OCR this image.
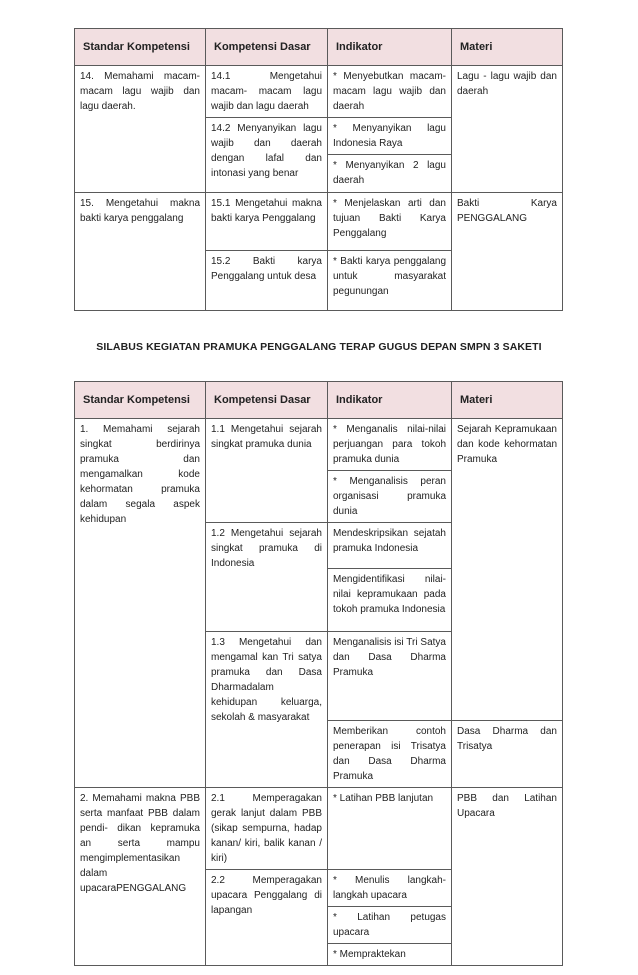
Standar Kompetensi	Kompetensi Dasar	Indikator	Materi
14. Memahami macam-macam lagu wajib dan lagu daerah.	14.1 Mengetahui macam- macam lagu wajib dan lagu daerah	* Menyebutkan macam- macam lagu wajib dan daerah	Lagu - lagu wajib dan daerah
	14.2 Menyanyikan lagu wajib dan daerah dengan lafal dan intonasi yang benar	* Menyanyikan lagu Indonesia Raya	
		* Menyanyikan 2 lagu daerah	
15. Mengetahui makna bakti karya penggalang	15.1 Mengetahui makna bakti karya Penggalang	* Menjelaskan arti dan tujuan Bakti Karya Penggalang	Bakti Karya PENGGALANG
	15.2 Bakti karya Penggalang untuk desa	* Bakti karya penggalang untuk masyarakat pegunungan	
SILABUS KEGIATAN PRAMUKA PENGGALANG TERAP GUGUS DEPAN SMPN 3 SAKETI
Standar Kompetensi	Kompetensi Dasar	Indikator	Materi
1. Memahami sejarah singkat berdirinya pramuka dan mengamalkan kode kehormatan pramuka dalam segala aspek kehidupan	1.1 Mengetahui sejarah singkat pramuka dunia	* Menganalis nilai-nilai perjuangan para tokoh pramuka dunia	Sejarah Kepramukaan dan kode kehormatan Pramuka
		* Menganalisis peran organisasi pramuka dunia	
	1.2 Mengetahui sejarah singkat pramuka di Indonesia	Mendeskripsikan sejatah pramuka Indonesia	
		Mengidentifikasi nilai-nilai kepramukaan pada tokoh pramuka Indonesia	
	1.3 Mengetahui dan mengamal kan Tri satya pramuka dan Dasa Dharmadalam kehidupan keluarga, sekolah & masyarakat	Menganalisis isi Tri Satya dan Dasa Dharma Pramuka	
		Memberikan contoh penerapan isi Trisatya dan Dasa Dharma Pramuka	Dasa Dharma dan Trisatya

2. Memahami makna PBB serta manfaat PBB dalam pendi- dikan kepramuka an serta mampu mengimplementasikan dalam upacaraPENGGALANG	2.1 Memperagakan gerak lanjut dalam PBB (sikap sempurna, hadap kanan/ kiri, balik kanan / kiri)	* Latihan PBB lanjutan	PBB dan Latihan Upacara
	2.2 Memperagakan upacara Penggalang di lapangan	* Menulis langkah-langkah upacara	
		* Latihan petugas upacara	
		* Mempraktekan	
